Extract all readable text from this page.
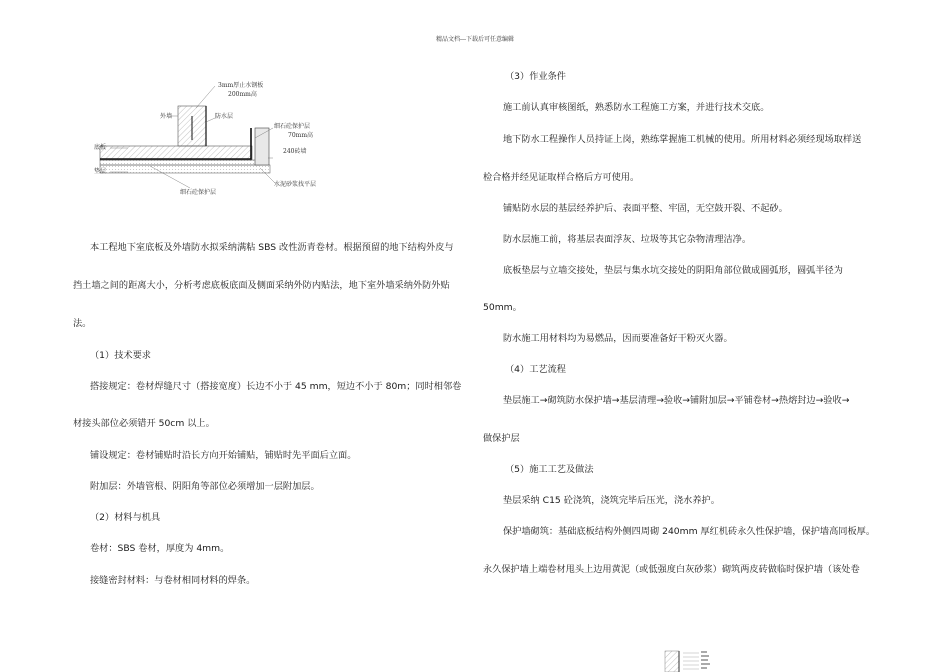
精品文档---下载后可任意编辑
3mm厚止水钢板
200mm高
外墙	防水层
细石砼保护层
70mm高
240砖墙
底板
垫层
细石砼保护层
水泥砂浆找平层

本工程地下室底板及外墙防水拟采纳满粘 SBS 改性沥青卷材。根据预留的地下结构外皮与

挡土墙之间的距离大小，分析考虑底板底面及侧面采纳外防内贴法，地下室外墙采纳外防外贴

法。

（1）技术要求

搭接规定：卷材焊缝尺寸（搭接宽度）长边不小于 45 mm，短边不小于 80m；同时相邻卷

材接头部位必须错开 50cm 以上。

铺设规定：卷材铺贴时沿长方向开始铺贴，铺贴时先平面后立面。

附加层：外墙管根、阴阳角等部位必须增加一层附加层。

（2）材料与机具

卷材：SBS 卷材，厚度为 4mm。

接缝密封材料：与卷材相同材料的焊条。

（3）作业条件

施工前认真审核图纸，熟悉防水工程施工方案，并进行技术交底。

地下防水工程操作人员持证上岗，熟练掌握施工机械的使用。所用材料必须经现场取样送

检合格并经见证取样合格后方可使用。

铺贴防水层的基层经养护后、表面平整、牢固，无空鼓开裂、不起砂。

防水层施工前，将基层表面浮灰、垃圾等其它杂物清理洁净。

底板垫层与立墙交接处，垫层与集水坑交接处的阴阳角部位做成圆弧形，圆弧半径为

50mm。

防水施工用材料均为易燃品，因而要准备好干粉灭火器。

（4）工艺流程

垫层施工→砌筑防水保护墙→基层清理→验收→铺附加层→平铺卷材→热熔封边→验收→

做保护层

（5）施工工艺及做法

垫层采纳 C15 砼浇筑，浇筑完毕后压光，浇水养护。

保护墙砌筑：基础底板结构外侧四周砌 240mm 厚红机砖永久性保护墙，保护墙高同板厚。

永久保护墙上端卷材甩头上边用黄泥（或低强度白灰砂浆）砌筑两皮砖做临时保护墙（该处卷
